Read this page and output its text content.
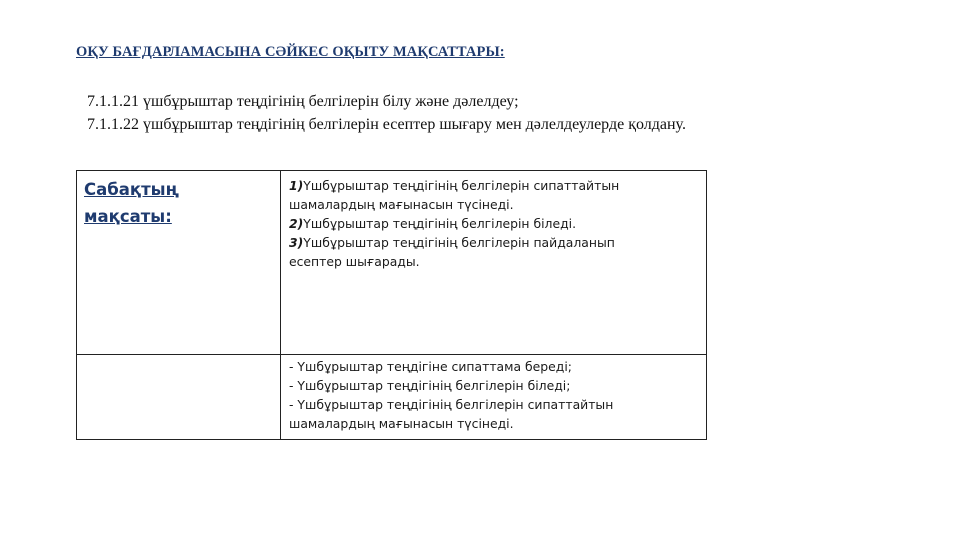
ОҚУ БАҒДАРЛАМАСЫНА СӘЙКЕС ОҚЫТУ МАҚСАТТАРЫ:
7.1.1.21 үшбұрыштар теңдігінің белгілерін білу және дәлелдеу;
7.1.1.22 үшбұрыштар теңдігінің белгілерін есептер шығару мен дәлелдеулерде қолдану.
Сабақтың
мақсаты:	1)Үшбұрыштар теңдігінің белгілерін сипаттайтын
шамалардың мағынасын түсінеді.
2)Үшбұрыштар теңдігінің белгілерін біледі.
3)Үшбұрыштар теңдігінің белгілерін пайдаланып
есептер шығарады.

	- Үшбұрыштар теңдігіне сипаттама береді;
- Үшбұрыштар теңдігінің белгілерін біледі;
- Үшбұрыштар теңдігінің белгілерін сипаттайтын
шамалардың мағынасын түсінеді.
